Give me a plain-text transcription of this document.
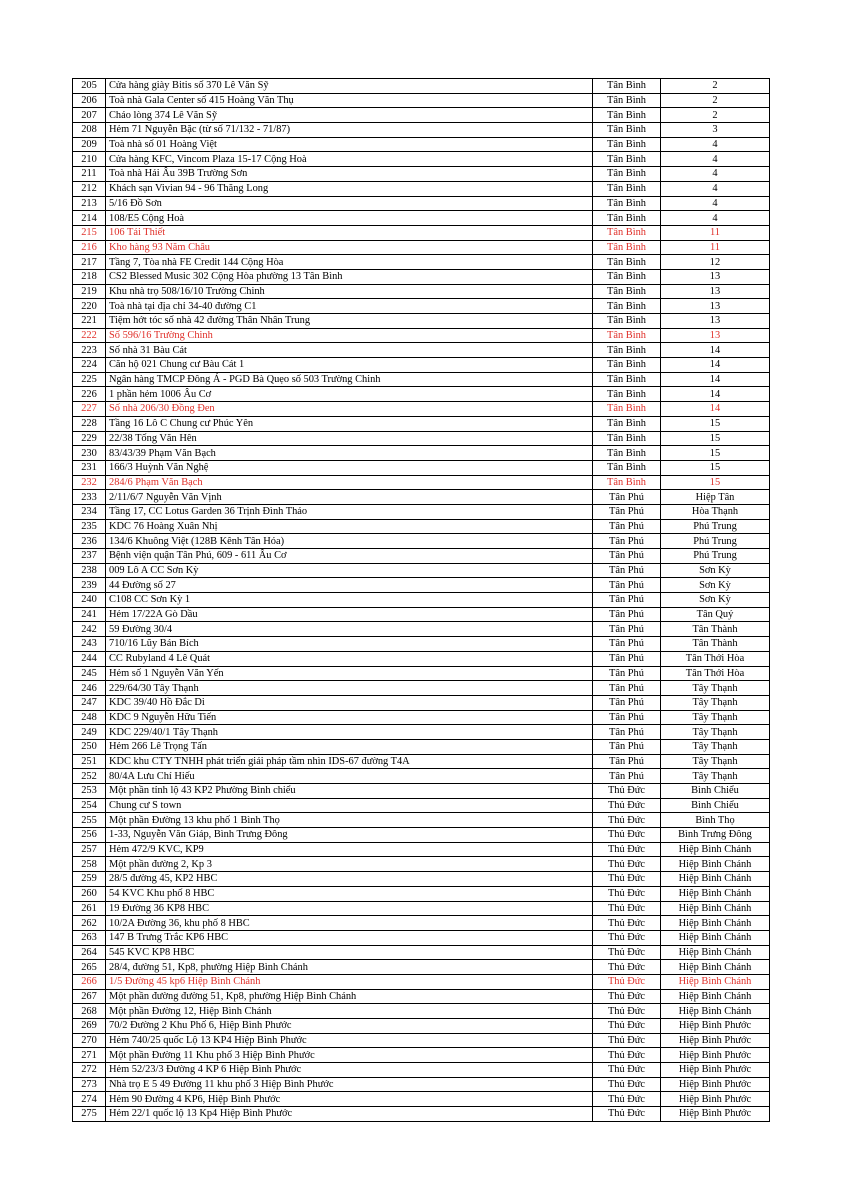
205	Cửa hàng giày Bitis số 370 Lê Văn Sỹ	Tân Bình	2
206	Toà nhà Gala Center số 415 Hoàng Văn Thụ	Tân Bình	2
207	Cháo lòng 374 Lê Văn Sỹ	Tân Bình	2
208	Hẻm 71 Nguyễn Bặc (từ số 71/132 - 71/87)	Tân Bình	3
209	Toà nhà số 01 Hoàng Việt	Tân Bình	4
210	Cửa hàng KFC, Vincom Plaza 15-17 Cộng Hoà	Tân Bình	4
211	Toà nhà Hải Âu 39B Trường Sơn	Tân Bình	4
212	Khách sạn Vivian 94 - 96 Thăng Long	Tân Bình	4
213	5/16 Đồ Sơn	Tân Bình	4
214	108/E5 Cộng Hoà	Tân Bình	4
215	106 Tái Thiết	Tân Bình	11
216	Kho hàng 93 Năm Châu	Tân Bình	11
217	Tầng 7, Tòa nhà FE Credit 144 Cộng Hòa	Tân Bình	12
218	CS2 Blessed Music 302 Cộng Hòa phường 13 Tân Bình	Tân Bình	13
219	Khu nhà trọ 508/16/10 Trường Chinh	Tân Bình	13
220	Toà nhà tại địa chỉ 34-40 đường C1	Tân Bình	13
221	Tiệm hớt tóc số nhà 42 đường Thân Nhân Trung	Tân Bình	13
222	Số 596/16 Trường Chinh	Tân Bình	13
223	Số nhà 31 Bàu Cát	Tân Bình	14
224	Căn hộ 021 Chung cư Bàu Cát 1	Tân Bình	14
225	Ngân hàng TMCP Đông Á - PGD Bà Quẹo số 503 Trường Chinh	Tân Bình	14
226	1 phần hẻm 1006 Âu Cơ	Tân Bình	14
227	Số nhà 206/30 Đồng Đen	Tân Bình	14
228	Tầng 16 Lô C Chung cư Phúc Yên	Tân Bình	15
229	22/38 Tống Văn Hên	Tân Bình	15
230	83/43/39 Phạm Văn Bạch	Tân Bình	15
231	166/3 Huỳnh Văn Nghệ	Tân Bình	15
232	284/6 Phạm Văn Bạch	Tân Bình	15
233	2/11/6/7 Nguyễn Văn Vịnh	Tân Phú	Hiệp Tân
234	Tầng 17, CC Lotus Garden 36 Trịnh Đình Thảo	Tân Phú	Hòa Thạnh
235	KDC 76 Hoàng Xuân Nhị	Tân Phú	Phú Trung
236	134/6 Khuông Việt (128B Kênh Tân Hóa)	Tân Phú	Phú Trung
237	Bệnh viện quận Tân Phú, 609 - 611 Âu Cơ	Tân Phú	Phú Trung
238	009 Lô A CC Sơn Kỳ	Tân Phú	Sơn Kỳ
239	44 Đường số 27	Tân Phú	Sơn Kỳ
240	C108 CC Sơn Kỳ 1	Tân Phú	Sơn Kỳ
241	Hẻm 17/22A Gò Dầu	Tân Phú	Tân Quý
242	59 Đường 30/4	Tân Phú	Tân Thành
243	710/16 Lũy Bán Bích	Tân Phú	Tân Thành
244	CC Rubyland 4 Lê Quát	Tân Phú	Tân Thới Hòa
245	Hẻm số 1 Nguyễn Văn Yến	Tân Phú	Tân Thới Hòa
246	229/64/30 Tây Thạnh	Tân Phú	Tây Thạnh
247	KDC 39/40 Hồ Đắc Di	Tân Phú	Tây Thạnh
248	KDC 9 Nguyễn Hữu Tiến	Tân Phú	Tây Thạnh
249	KDC 229/40/1 Tây Thạnh	Tân Phú	Tây Thạnh
250	Hẻm 266 Lê Trọng Tấn	Tân Phú	Tây Thạnh
251	KDC khu CTY TNHH phát triển giải pháp tầm nhìn IDS-67 đường T4A	Tân Phú	Tây Thạnh
252	80/4A Lưu Chí Hiếu	Tân Phú	Tây Thạnh
253	Một phần tỉnh lộ 43 KP2 Phường Bình chiểu	Thủ Đức	Bình Chiểu
254	Chung cư S town	Thủ Đức	Bình Chiểu
255	Một phần Đường 13 khu phố 1 Bình Thọ	Thủ Đức	Bình Thọ
256	1-33, Nguyễn Văn Giáp, Bình Trưng Đông	Thủ Đức	Bình Trưng Đông
257	Hẻm 472/9 KVC, KP9	Thủ Đức	Hiệp Bình Chánh
258	Một phần đường 2, Kp 3	Thủ Đức	Hiệp Bình Chánh
259	28/5 đường 45, KP2 HBC	Thủ Đức	Hiệp Bình Chánh
260	54 KVC Khu phố 8 HBC	Thủ Đức	Hiệp Bình Chánh
261	19 Đường 36 KP8 HBC	Thủ Đức	Hiệp Bình Chánh
262	10/2A Đường 36, khu phố 8 HBC	Thủ Đức	Hiệp Bình Chánh
263	147 B Trưng Trắc KP6 HBC	Thủ Đức	Hiệp Bình Chánh
264	545 KVC KP8 HBC	Thủ Đức	Hiệp Bình Chánh
265	28/4, đường 51, Kp8, phường Hiệp Bình Chánh	Thủ Đức	Hiệp Bình Chánh
266	1/5 Đường 45 kp6 Hiệp Bình Chánh	Thủ Đức	Hiệp Bình Chánh
267	Một phần đường đường 51, Kp8, phường Hiệp Bình Chánh	Thủ Đức	Hiệp Bình Chánh
268	Một phần Đường 12, Hiệp Bình Chánh	Thủ Đức	Hiệp Bình Chánh
269	70/2 Đường 2 Khu Phố 6, Hiệp Bình Phước	Thủ Đức	Hiệp Bình Phước
270	Hẻm 740/25 quốc Lộ 13 KP4 Hiệp Bình Phước	Thủ Đức	Hiệp Bình Phước
271	Một phần Đường 11 Khu phố 3 Hiệp Bình Phước	Thủ Đức	Hiệp Bình Phước
272	Hẻm 52/23/3 Đường 4 KP 6 Hiệp Bình Phước	Thủ Đức	Hiệp Bình Phước
273	Nhà trọ E 5 49 Đường 11 khu phố 3 Hiệp Bình Phước	Thủ Đức	Hiệp Bình Phước
274	Hẻm 90 Đường 4 KP6, Hiệp Bình Phước	Thủ Đức	Hiệp Bình Phước
275	Hẻm 22/1 quốc lộ 13 Kp4 Hiệp Bình Phước	Thủ Đức	Hiệp Bình Phước
